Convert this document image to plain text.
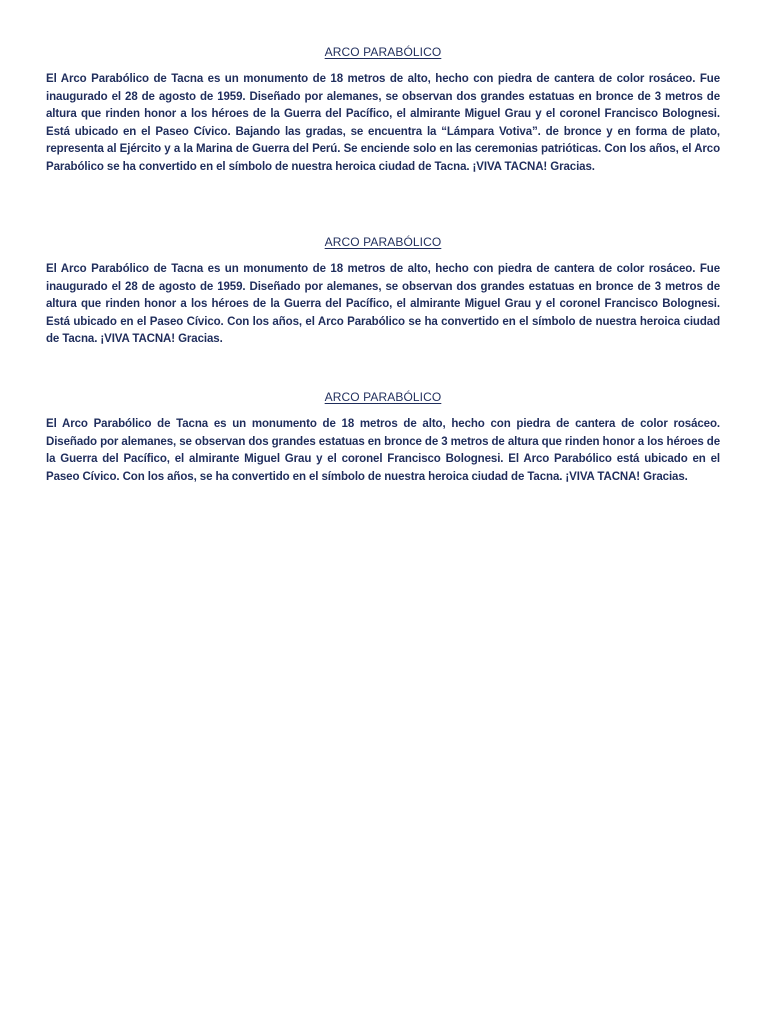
ARCO PARABÓLICO

El Arco Parabólico de Tacna es un monumento de 18 metros de alto, hecho con piedra de cantera de color rosáceo. Fue inaugurado el 28 de agosto de 1959. Diseñado por alemanes, se observan dos grandes estatuas en bronce de 3 metros de altura que rinden honor a los héroes de la Guerra del Pacífico, el almirante Miguel Grau y el coronel Francisco Bolognesi. Está ubicado en el Paseo Cívico. Bajando las gradas, se encuentra la “Lámpara Votiva”. de bronce y en forma de plato, representa al Ejército y a la Marina de Guerra del Perú. Se enciende solo en las ceremonias patrióticas. Con los años, el Arco Parabólico se ha convertido en el símbolo de nuestra heroica ciudad de Tacna. ¡VIVA TACNA! Gracias.

ARCO PARABÓLICO

El Arco Parabólico de Tacna es un monumento de 18 metros de alto, hecho con piedra de cantera de color rosáceo. Fue inaugurado el 28 de agosto de 1959. Diseñado por alemanes, se observan dos grandes estatuas en bronce de 3 metros de altura que rinden honor a los héroes de la Guerra del Pacífico, el almirante Miguel Grau y el coronel Francisco Bolognesi. Está ubicado en el Paseo Cívico. Con los años, el Arco Parabólico se ha convertido en el símbolo de nuestra heroica ciudad de Tacna. ¡VIVA TACNA! Gracias.

ARCO PARABÓLICO

El Arco Parabólico de Tacna es un monumento de 18 metros de alto, hecho con piedra de cantera de color rosáceo. Diseñado por alemanes, se observan dos grandes estatuas en bronce de 3 metros de altura que rinden honor a los héroes de la Guerra del Pacífico, el almirante Miguel Grau y el coronel Francisco Bolognesi. El Arco Parabólico está ubicado en el Paseo Cívico. Con los años, se ha convertido en el símbolo de nuestra heroica ciudad de Tacna. ¡VIVA TACNA! Gracias.
